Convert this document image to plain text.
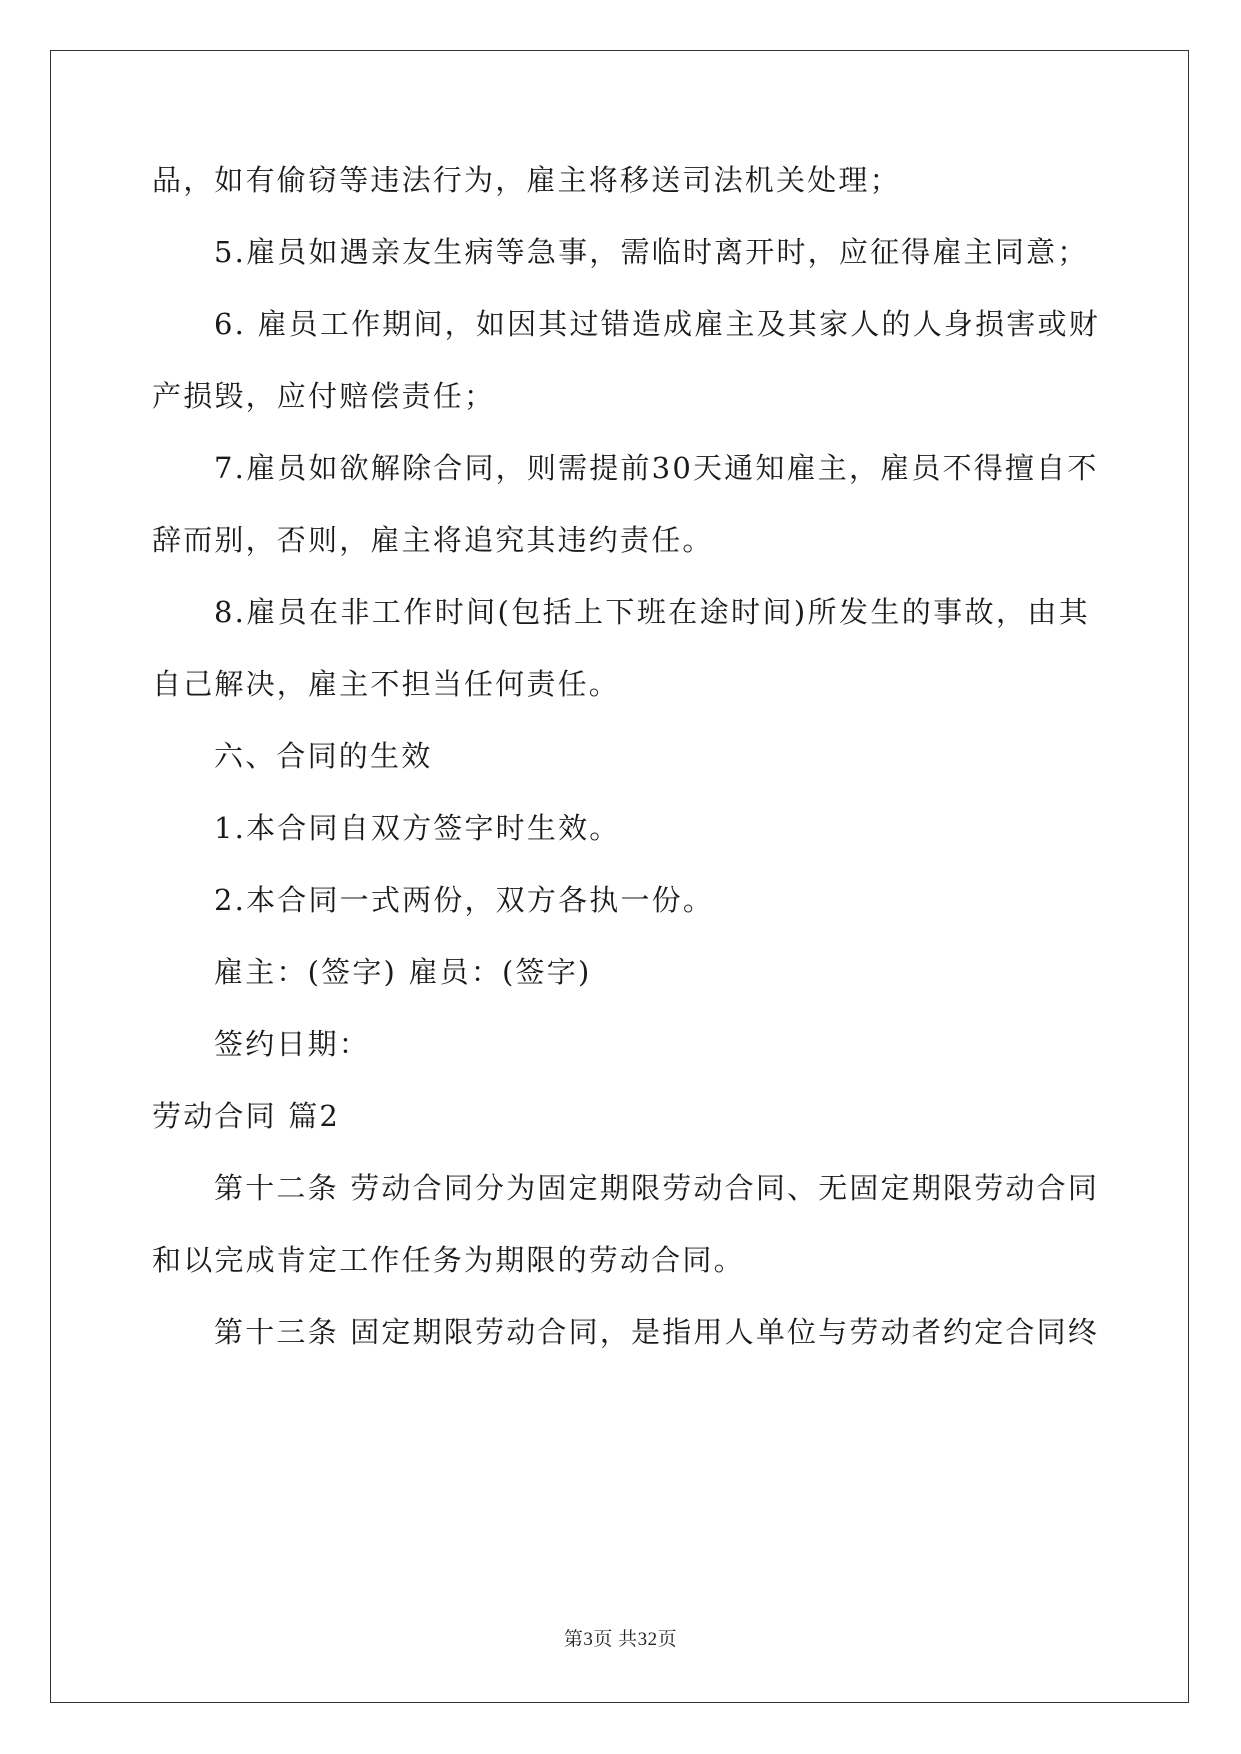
品，如有偷窃等违法行为，雇主将移送司法机关处理；
5.雇员如遇亲友生病等急事，需临时离开时，应征得雇主同意；
6. 雇员工作期间，如因其过错造成雇主及其家人的人身损害或财
产损毁，应付赔偿责任；
7.雇员如欲解除合同，则需提前30天通知雇主，雇员不得擅自不
辞而别，否则，雇主将追究其违约责任。
8.雇员在非工作时间(包括上下班在途时间)所发生的事故，由其
自己解决，雇主不担当任何责任。
六、合同的生效
1.本合同自双方签字时生效。
2.本合同一式两份，双方各执一份。
雇主：(签字) 雇员：(签字)
签约日期：
劳动合同 篇2
第十二条 劳动合同分为固定期限劳动合同、无固定期限劳动合同
和以完成肯定工作任务为期限的劳动合同。
第十三条 固定期限劳动合同，是指用人单位与劳动者约定合同终
第3页 共32页
